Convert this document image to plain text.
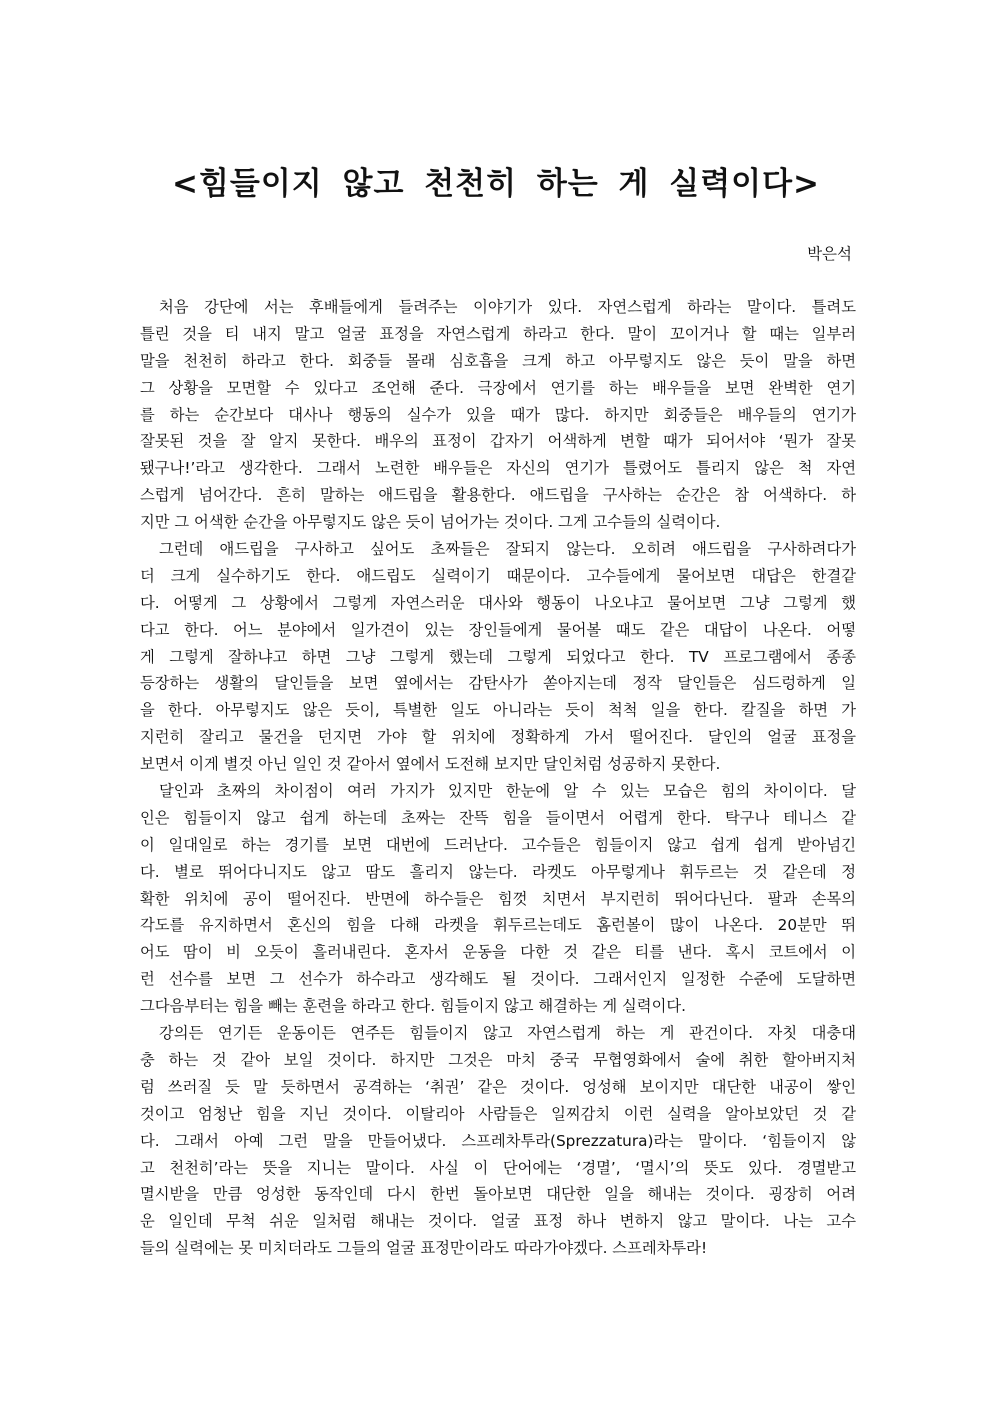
<힘들이지 않고 천천히 하는 게 실력이다>
박은석
처음 강단에 서는 후배들에게 들려주는 이야기가 있다. 자연스럽게 하라는 말이다. 틀려도
틀린 것을 티 내지 말고 얼굴 표정을 자연스럽게 하라고 한다. 말이 꼬이거나 할 때는 일부러
말을 천천히 하라고 한다. 회중들 몰래 심호흡을 크게 하고 아무렇지도 않은 듯이 말을 하면
그 상황을 모면할 수 있다고 조언해 준다. 극장에서 연기를 하는 배우들을 보면 완벽한 연기
를 하는 순간보다 대사나 행동의 실수가 있을 때가 많다. 하지만 회중들은 배우들의 연기가
잘못된 것을 잘 알지 못한다. 배우의 표정이 갑자기 어색하게 변할 때가 되어서야 ‘뭔가 잘못
됐구나!’라고 생각한다. 그래서 노련한 배우들은 자신의 연기가 틀렸어도 틀리지 않은 척 자연
스럽게 넘어간다. 흔히 말하는 애드립을 활용한다. 애드립을 구사하는 순간은 참 어색하다. 하
지만 그 어색한 순간을 아무렇지도 않은 듯이 넘어가는 것이다. 그게 고수들의 실력이다.
그런데 애드립을 구사하고 싶어도 초짜들은 잘되지 않는다. 오히려 애드립을 구사하려다가
더 크게 실수하기도 한다. 애드립도 실력이기 때문이다. 고수들에게 물어보면 대답은 한결같
다. 어떻게 그 상황에서 그렇게 자연스러운 대사와 행동이 나오냐고 물어보면 그냥 그렇게 했
다고 한다. 어느 분야에서 일가견이 있는 장인들에게 물어볼 때도 같은 대답이 나온다. 어떻
게 그렇게 잘하냐고 하면 그냥 그렇게 했는데 그렇게 되었다고 한다. TV 프로그램에서 종종
등장하는 생활의 달인들을 보면 옆에서는 감탄사가 쏟아지는데 정작 달인들은 심드렁하게 일
을 한다. 아무렇지도 않은 듯이, 특별한 일도 아니라는 듯이 척척 일을 한다. 칼질을 하면 가
지런히 잘리고 물건을 던지면 가야 할 위치에 정확하게 가서 떨어진다. 달인의 얼굴 표정을
보면서 이게 별것 아닌 일인 것 같아서 옆에서 도전해 보지만 달인처럼 성공하지 못한다.
달인과 초짜의 차이점이 여러 가지가 있지만 한눈에 알 수 있는 모습은 힘의 차이이다. 달
인은 힘들이지 않고 쉽게 하는데 초짜는 잔뜩 힘을 들이면서 어렵게 한다. 탁구나 테니스 같
이 일대일로 하는 경기를 보면 대번에 드러난다. 고수들은 힘들이지 않고 쉽게 쉽게 받아넘긴
다. 별로 뛰어다니지도 않고 땀도 흘리지 않는다. 라켓도 아무렇게나 휘두르는 것 같은데 정
확한 위치에 공이 떨어진다. 반면에 하수들은 힘껏 치면서 부지런히 뛰어다닌다. 팔과 손목의
각도를 유지하면서 혼신의 힘을 다해 라켓을 휘두르는데도 홈런볼이 많이 나온다. 20분만 뛰
어도 땀이 비 오듯이 흘러내린다. 혼자서 운동을 다한 것 같은 티를 낸다. 혹시 코트에서 이
런 선수를 보면 그 선수가 하수라고 생각해도 될 것이다. 그래서인지 일정한 수준에 도달하면
그다음부터는 힘을 빼는 훈련을 하라고 한다. 힘들이지 않고 해결하는 게 실력이다.
강의든 연기든 운동이든 연주든 힘들이지 않고 자연스럽게 하는 게 관건이다. 자칫 대충대
충 하는 것 같아 보일 것이다. 하지만 그것은 마치 중국 무협영화에서 술에 취한 할아버지처
럼 쓰러질 듯 말 듯하면서 공격하는 ‘취권’ 같은 것이다. 엉성해 보이지만 대단한 내공이 쌓인
것이고 엄청난 힘을 지닌 것이다. 이탈리아 사람들은 일찌감치 이런 실력을 알아보았던 것 같
다. 그래서 아예 그런 말을 만들어냈다. 스프레차투라(Sprezzatura)라는 말이다. ‘힘들이지 않
고 천천히’라는 뜻을 지니는 말이다. 사실 이 단어에는 ‘경멸’, ‘멸시’의 뜻도 있다. 경멸받고
멸시받을 만큼 엉성한 동작인데 다시 한번 돌아보면 대단한 일을 해내는 것이다. 굉장히 어려
운 일인데 무척 쉬운 일처럼 해내는 것이다. 얼굴 표정 하나 변하지 않고 말이다. 나는 고수
들의 실력에는 못 미치더라도 그들의 얼굴 표정만이라도 따라가야겠다. 스프레차투라!
